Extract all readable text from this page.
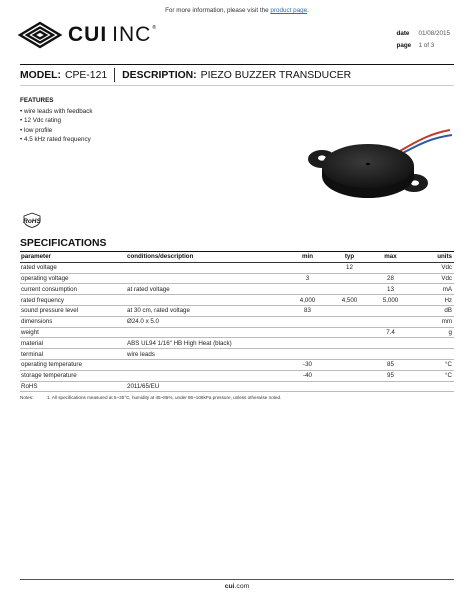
For more information, please visit the product page.
CUI INC ®
date	01/08/2015
page	1 of 3
MODEL: CPE-121 DESCRIPTION: PIEZO BUZZER TRANSDUCER
FEATURES
• wire leads with feedback
• 12 Vdc rating
• low profile
• 4.5 kHz rated frequency
RoHS
SPECIFICATIONS
parameter	conditions/description	min	typ	max	units
rated voltage			12		Vdc
operating voltage		3		28	Vdc
current consumption	at rated voltage			13	mA
rated frequency		4,000	4,500	5,000	Hz
sound pressure level	at 30 cm, rated voltage	83			dB
dimensions	Ø24.0 x 5.0				mm
weight				7.4	g
material	ABS UL94 1/16" HB High Heat (black)				
terminal	wire leads				
operating temperature		-30		85	°C
storage temperature		-40		95	°C
RoHS	2011/65/EU				
Notes:	1. All specifications measured at 5~35°C, humidity at 45~85%, under 86~106kPa pressure, unless otherwise noted.
cui.com
